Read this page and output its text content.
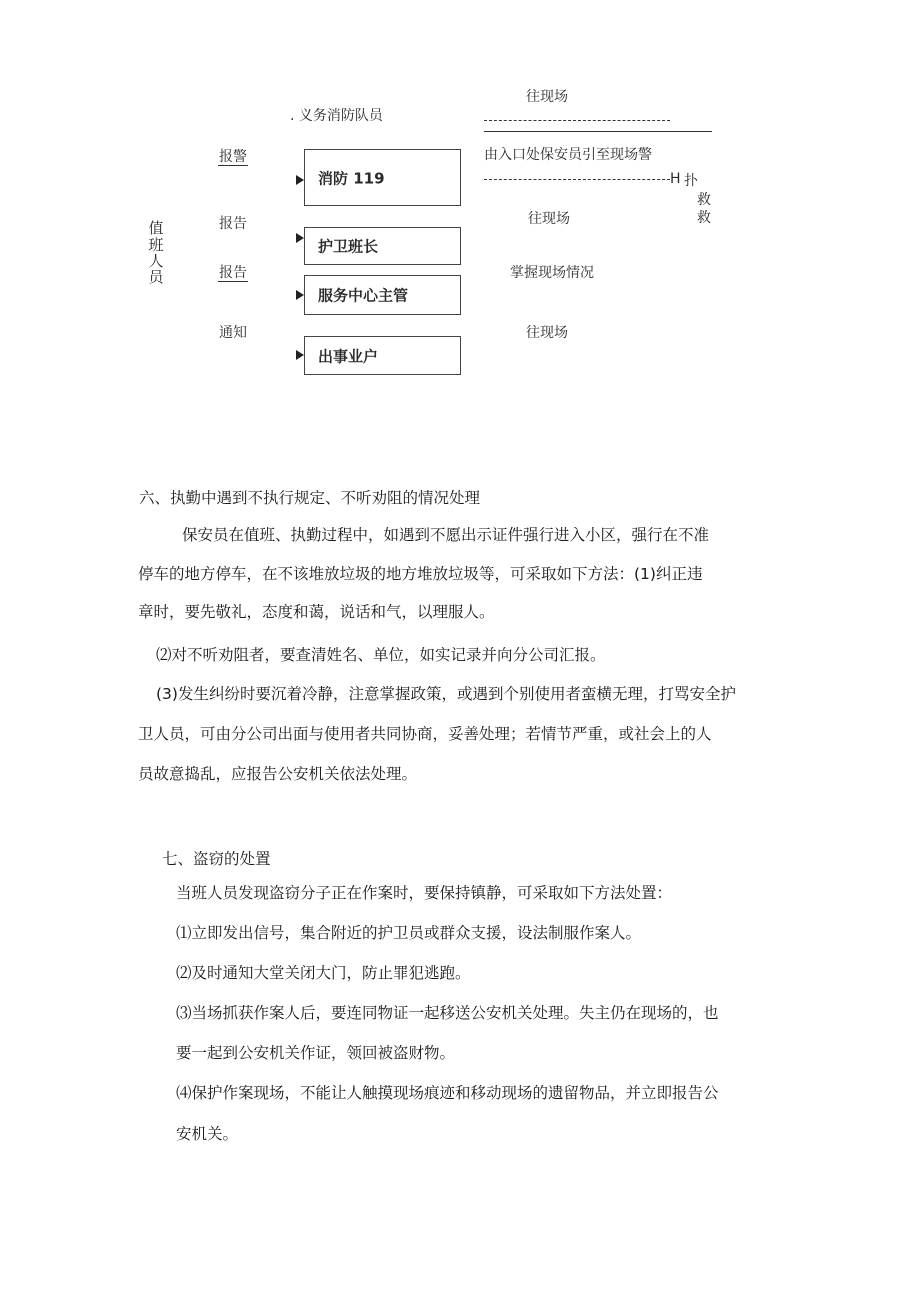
值
班
人
员
. 义务消防队员
报警
报告
报告
通知
消防 119
护卫班长
服务中心主管
出事业户
往现场
由入口处保安员引至现场警
H 扑
救
救
往现场
掌握现场情况
往现场
六、执勤中遇到不执行规定、不听劝阻的情况处理
保安员在值班、执勤过程中，如遇到不愿出示证件强行进入小区，强行在不准
停车的地方停车，在不该堆放垃圾的地方堆放垃圾等，可采取如下方法：(1)纠正违
章时，要先敬礼，态度和蔼，说话和气，以理服人。
⑵对不听劝阻者，要查清姓名、单位，如实记录并向分公司汇报。
(3)发生纠纷时要沉着冷静，注意掌握政策，或遇到个别使用者蛮横无理，打骂安全护
卫人员，可由分公司出面与使用者共同协商，妥善处理；若情节严重，或社会上的人
员故意捣乱，应报告公安机关依法处理。
七、盗窃的处置
当班人员发现盗窃分子正在作案时，要保持镇静，可采取如下方法处置：
⑴立即发出信号，集合附近的护卫员或群众支援，设法制服作案人。
⑵及时通知大堂关闭大门，防止罪犯逃跑。
⑶当场抓获作案人后，要连同物证一起移送公安机关处理。失主仍在现场的，也
要一起到公安机关作证，领回被盗财物。
⑷保护作案现场，不能让人触摸现场痕迹和移动现场的遗留物品，并立即报告公
安机关。
